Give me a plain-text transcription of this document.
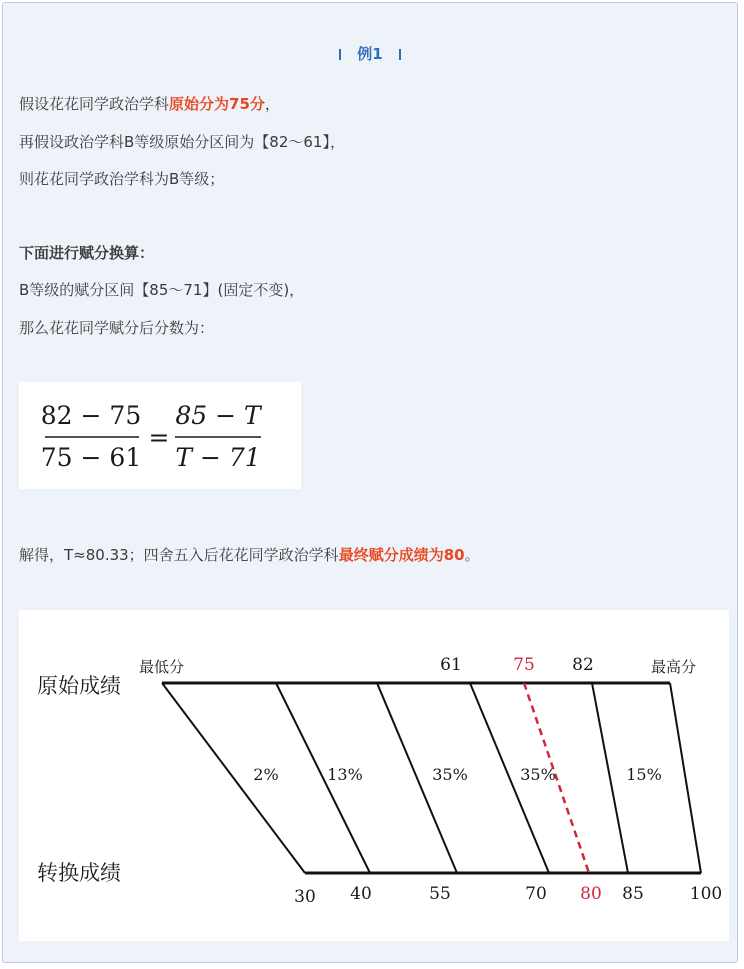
例1
假设花花同学政治学科原始分为75分，
再假设政治学科B等级原始分区间为【82～61】，
则花花同学政治学科为B等级；
下面进行赋分换算：
B等级的赋分区间【85～71】(固定不变)，
那么花花同学赋分后分数为：
82 − 75
75 − 61
=
85 − T
T − 71
解得，T≈80.33；四舍五入后花花同学政治学科最终赋分成绩为80。
原始成绩
转换成绩
最低分	最高分
61	75 82
2%	13%	35%	35%	15%
30 40	55	70 80 85	100
